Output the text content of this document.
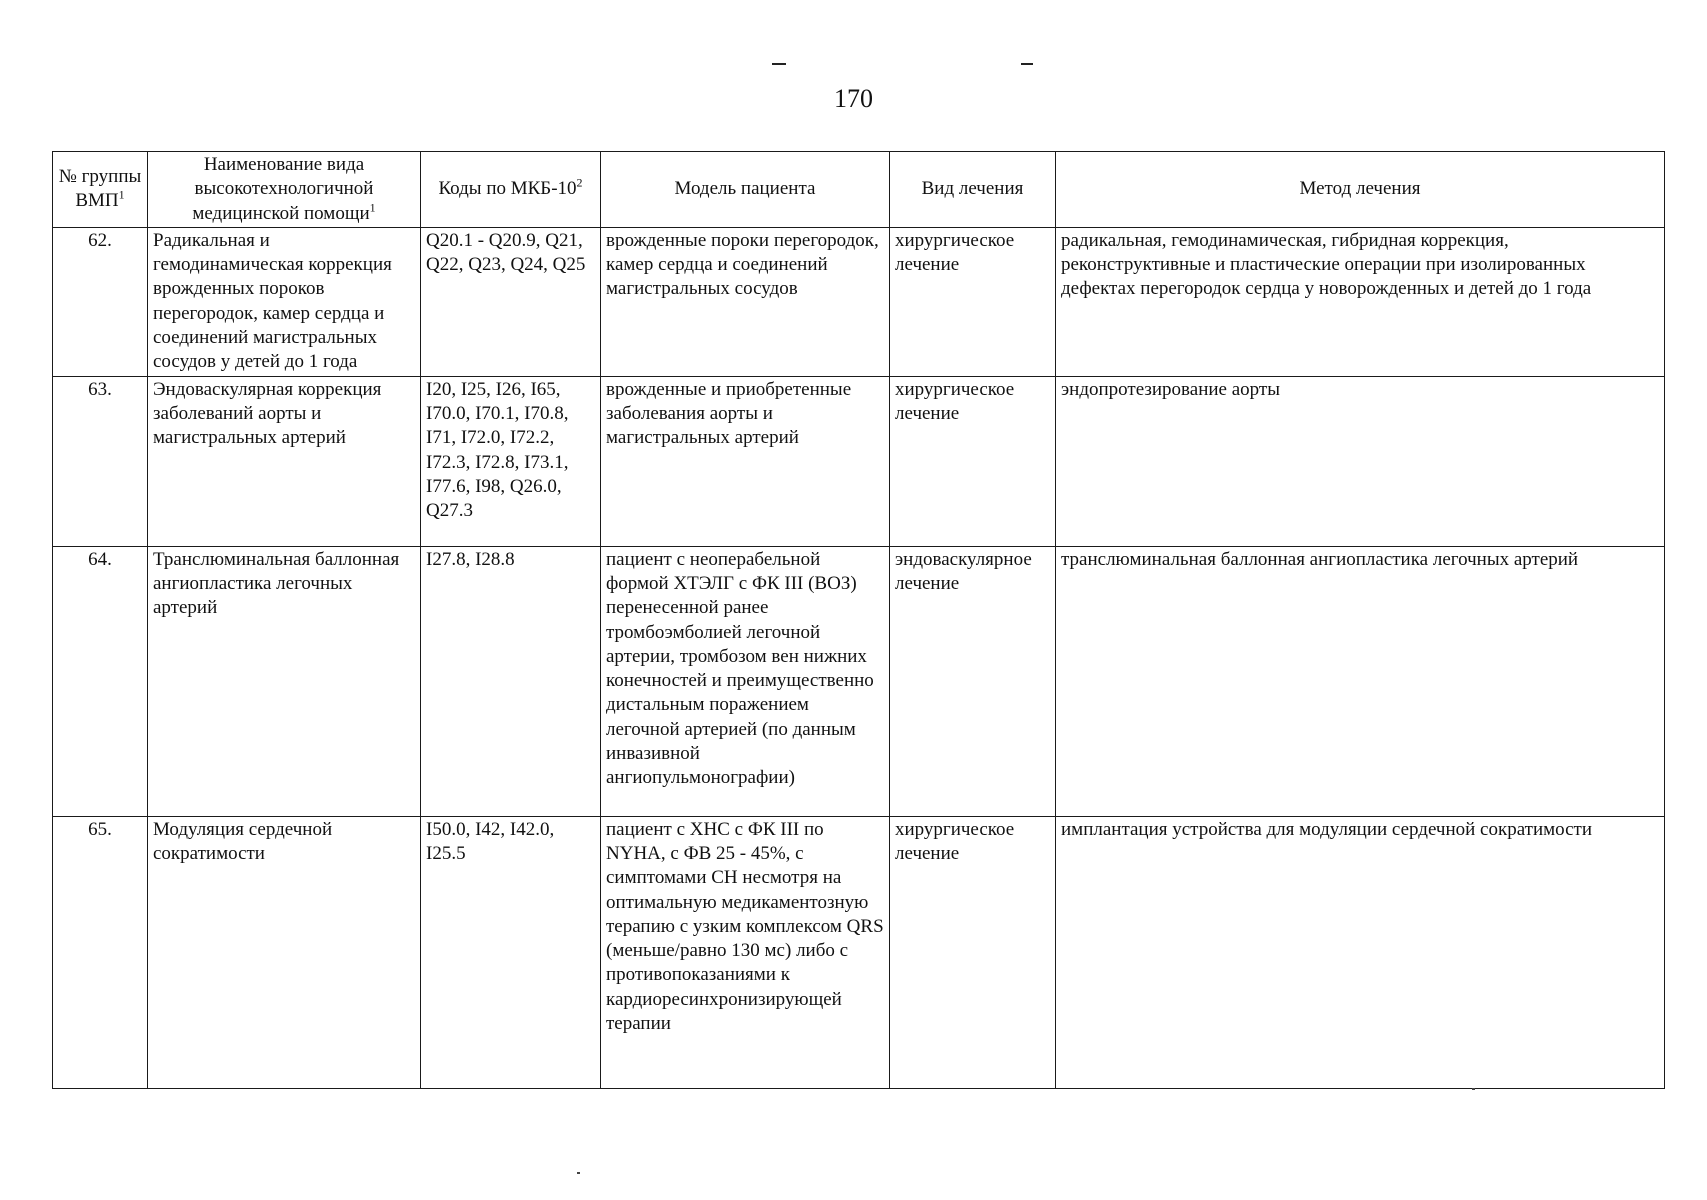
170
№ группы ВМП$^1$	Наименование вида высокотехнологичной медицинской помощи$^1$	Коды по МКБ-$10^2$	Модель пациента	Вид лечения	Метод лечения
62.	Радикальная и гемодинамическая коррекция врожденных пороков перегородок, камер сердца и соединений магистральных сосудов у детей до 1 года	Q20.1 - Q20.9, Q21, Q22, Q23, Q24, Q25	врожденные пороки перегородок, камер сердца и соединений магистральных сосудов	хирургическое лечение	радикальная, гемодинамическая, гибридная коррекция, реконструктивные и пластические операции при изолированных дефектах перегородок сердца у новорожденных и детей до 1 года
63.	Эндоваскулярная коррекция заболеваний аорты и магистральных артерий	I20, I25, I26, I65, I70.0, I70.1, I70.8, I71, I72.0, I72.2, I72.3, I72.8, I73.1, I77.6, I98, Q26.0, Q27.3	врожденные и приобретенные заболевания аорты и магистральных артерий	хирургическое лечение	эндопротезирование аорты
64.	Транслюминальная баллонная ангиопластика легочных артерий	I27.8, I28.8	пациент с неоперабельной формой ХТЭЛГ с ФК III (ВОЗ) перенесенной ранее тромбоэмболией легочной артерии, тромбозом вен нижних конечностей и преимущественно дистальным поражением легочной артерией (по данным инвазивной ангиопульмонографии)	эндоваскулярное лечение	транслюминальная баллонная ангиопластика легочных артерий
65.	Модуляция сердечной сократимости	I50.0, I42, I42.0, I25.5	пациент с ХНС с ФК III по NYHA, с ФВ 25 - 45%, с симптомами СН несмотря на оптимальную медикаментозную терапию с узким комплексом QRS (меньше/равно 130 мс) либо с противопоказаниями к кардиоресинхронизирующей терапии	хирургическое лечение	имплантация устройства для модуляции сердечной сократимости
